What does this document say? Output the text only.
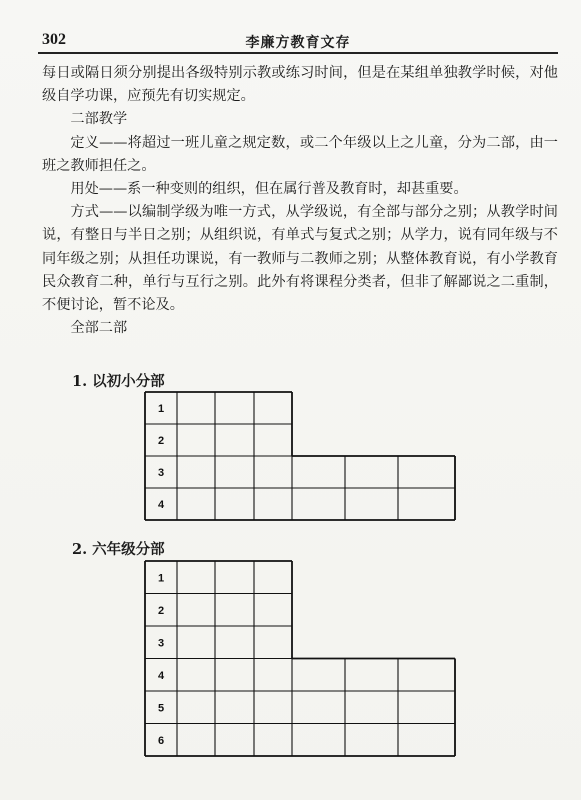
302	李廉方教育文存

每日或隔日须分别提出各级特别示教或练习时间，但是在某组单独教学时候，对他级自学功课，应预先有切实规定。

二部教学

定义——将超过一班儿童之规定数，或二个年级以上之儿童，分为二部，由一班之教师担任之。

用处——系一种变则的组织，但在属行普及教育时，却甚重要。

方式——以编制学级为唯一方式，从学级说，有全部与部分之别；从教学时间说，有整日与半日之别；从组织说，有单式与复式之别；从学力，说有同年级与不同年级之别；从担任功课说，有一教师与二教师之别；从整体教育说，有小学教育民众教育二种，单行与互行之别。此外有将课程分类者，但非了解鄙说之二重制，不便讨论，暂不论及。

全部二部

1. 以初小分部
2. 六年级分部
1
2
3
4
1
2
3
4
5
6
